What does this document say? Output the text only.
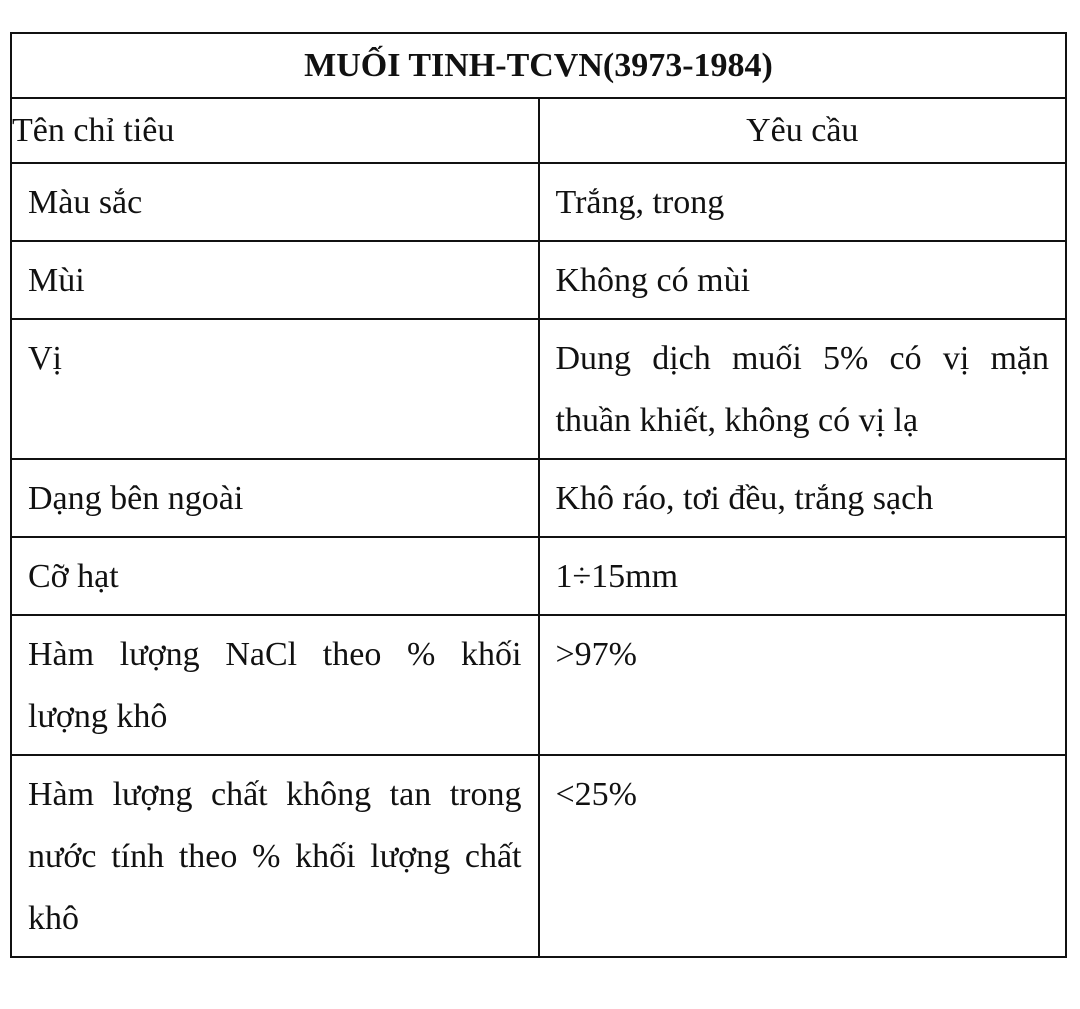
MUỐI TINH-TCVN(3973-1984)	
Tên chỉ tiêu	Yêu cầu
Màu sắc	Trắng, trong
Mùi	Không có mùi
Vị	Dung dịch muối 5% có vị mặn thuần khiết, không có vị lạ
Dạng bên ngoài	Khô ráo, tơi đều, trắng sạch
Cỡ hạt	1÷15mm
Hàm lượng NaCl theo % khối lượng khô	>97%
Hàm lượng chất không tan trong nước tính theo % khối lượng chất khô	<25%
